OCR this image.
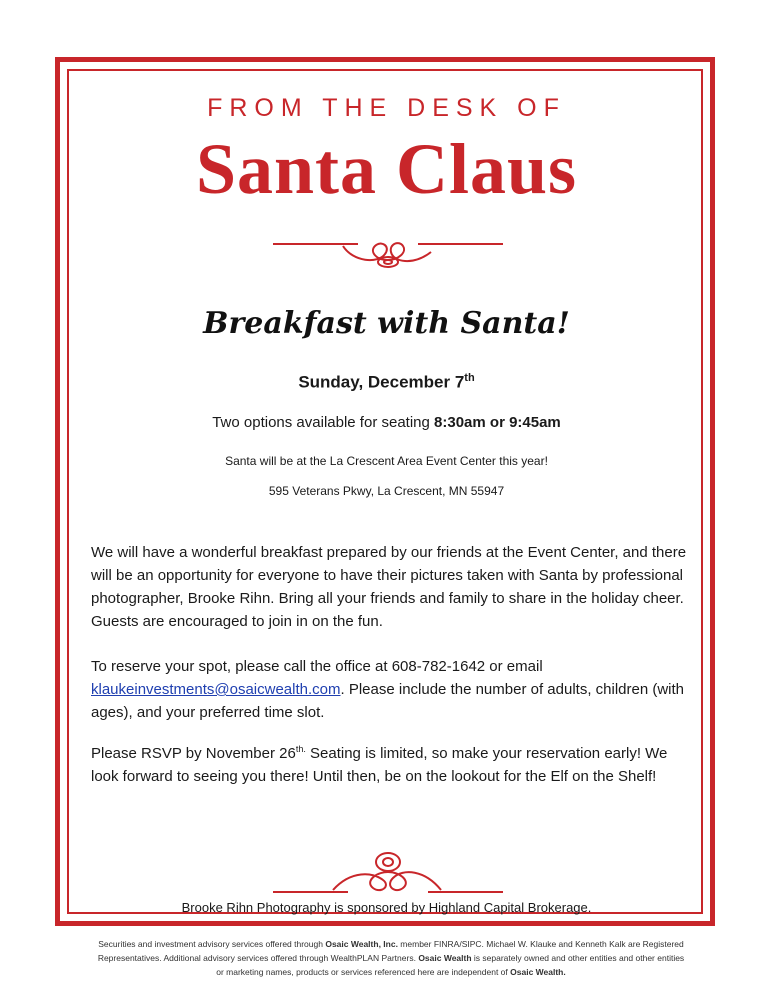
FROM THE DESK OF
Santa Claus
Breakfast with Santa!
Sunday, December 7th
Two options available for seating 8:30am or 9:45am
Santa will be at the La Crescent Area Event Center this year!
595 Veterans Pkwy, La Crescent, MN 55947

We will have a wonderful breakfast prepared by our friends at the Event Center, and there will be an opportunity for everyone to have their pictures taken with Santa by professional photographer, Brooke Rihn. Bring all your friends and family to share in the holiday cheer. Guests are encouraged to join in on the fun.

To reserve your spot, please call the office at 608-782-1642 or email klaukeinvestments@osaicwealth.com. Please include the number of adults, children (with ages), and your preferred time slot.

Please RSVP by November $26^{th.}$ Seating is limited, so make your reservation early! We look forward to seeing you there! Until then, be on the lookout for the Elf on the Shelf!

Brooke Rihn Photography is sponsored by Highland Capital Brokerage.

Securities and investment advisory services offered through Osaic Wealth, Inc. member FINRA/SIPC. Michael W. Klauke and Kenneth Kalk are Registered Representatives. Additional advisory services offered through WealthPLAN Partners. Osaic Wealth is separately owned and other entities and other entities or marketing names, products or services referenced here are independent of Osaic Wealth.
